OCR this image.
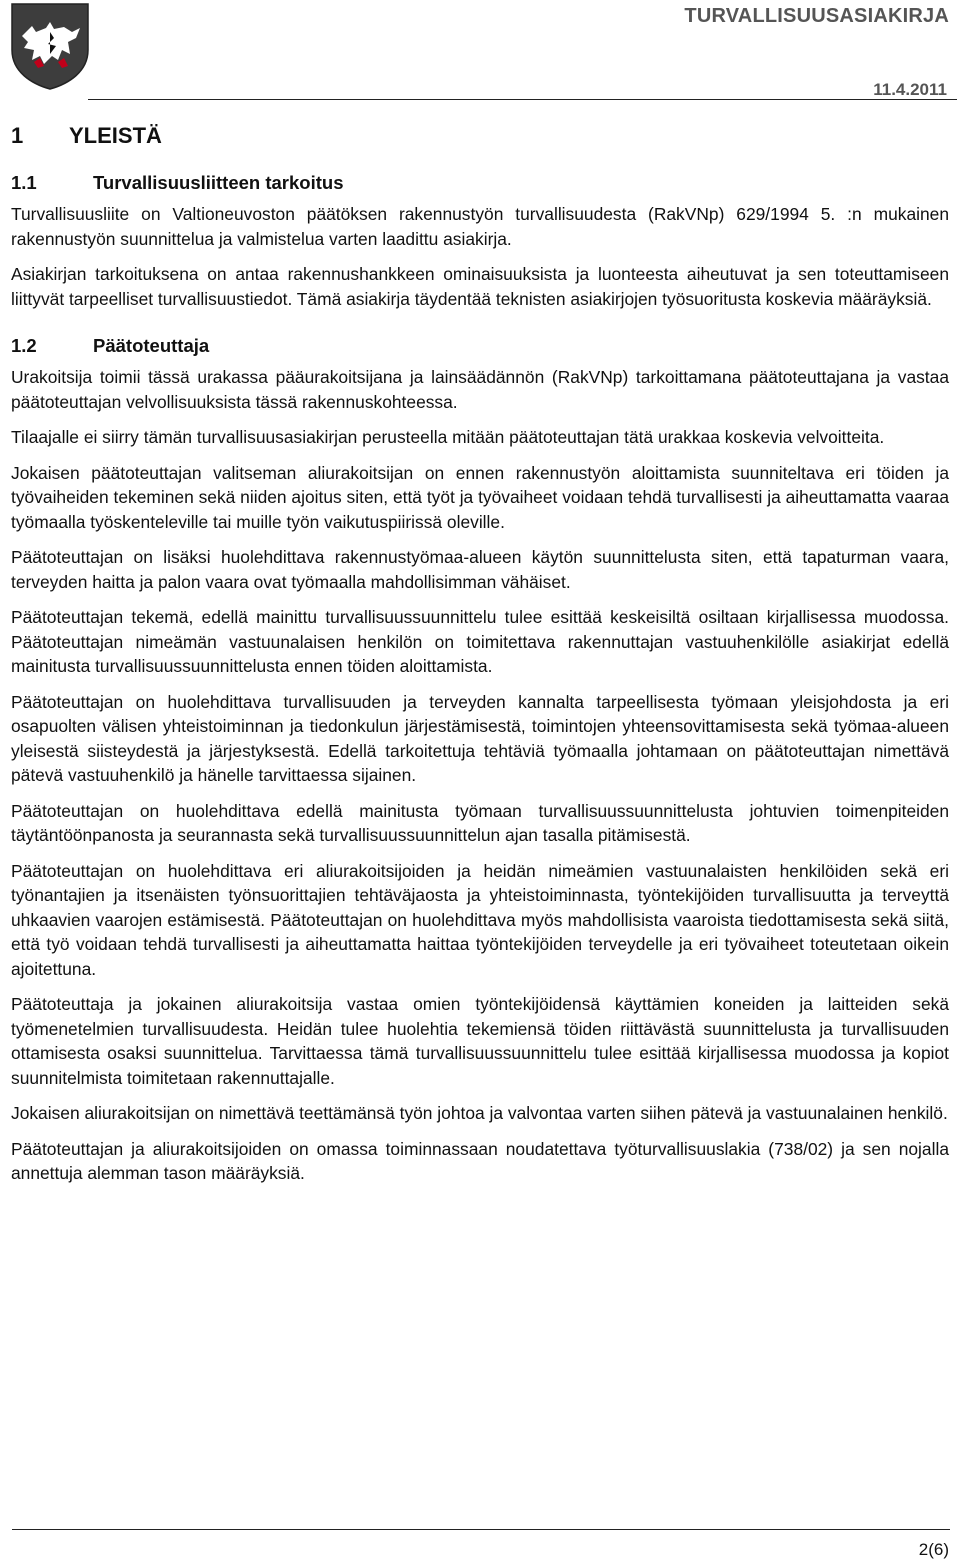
TURVALLISUUSASIAKIRJA
11.4.2011
1 YLEISTÄ
1.1	Turvallisuusliitteen tarkoitus

Turvallisuusliite on Valtioneuvoston päätöksen rakennustyön turvallisuudesta (RakVNp) 629/1994 5. :n mukainen rakennustyön suunnittelua ja valmistelua varten laadittu asiakirja.

Asiakirjan tarkoituksena on antaa rakennushankkeen ominaisuuksista ja luonteesta aiheutuvat ja sen toteuttamiseen liittyvät tarpeelliset turvallisuustiedot. Tämä asiakirja täydentää teknisten asiakirjojen työsuoritusta koskevia määräyksiä.

1.2	Päätoteuttaja

Urakoitsija toimii tässä urakassa pääurakoitsijana ja lainsäädännön (RakVNp) tarkoittamana päätoteuttajana ja vastaa päätoteuttajan velvollisuuksista tässä rakennuskohteessa.

Tilaajalle ei siirry tämän turvallisuusasiakirjan perusteella mitään päätoteuttajan tätä urakkaa koskevia velvoitteita.

Jokaisen päätoteuttajan valitseman aliurakoitsijan on ennen rakennustyön aloittamista suunniteltava eri töiden ja työvaiheiden tekeminen sekä niiden ajoitus siten, että työt ja työvaiheet voidaan tehdä turvallisesti ja aiheuttamatta vaaraa työmaalla työskenteleville tai muille työn vaikutuspiirissä oleville.

Päätoteuttajan on lisäksi huolehdittava rakennustyömaa-alueen käytön suunnittelusta siten, että tapaturman vaara, terveyden haitta ja palon vaara ovat työmaalla mahdollisimman vähäiset.

Päätoteuttajan tekemä, edellä mainittu turvallisuussuunnittelu tulee esittää keskeisiltä osiltaan kirjallisessa muodossa. Päätoteuttajan nimeämän vastuunalaisen henkilön on toimitettava rakennuttajan vastuuhenkilölle asiakirjat edellä mainitusta turvallisuussuunnittelusta ennen töiden aloittamista.

Päätoteuttajan on huolehdittava turvallisuuden ja terveyden kannalta tarpeellisesta työmaan yleisjohdosta ja eri osapuolten välisen yhteistoiminnan ja tiedonkulun järjestämisestä, toimintojen yhteensovittamisesta sekä työmaa-alueen yleisestä siisteydestä ja järjestyksestä. Edellä tarkoitettuja tehtäviä työmaalla johtamaan on päätoteuttajan nimettävä pätevä vastuuhenkilö ja hänelle tarvittaessa sijainen.

Päätoteuttajan on huolehdittava edellä mainitusta työmaan turvallisuussuunnittelusta johtuvien toimenpiteiden täytäntöönpanosta ja seurannasta sekä turvallisuussuunnittelun ajan tasalla pitämisestä.

Päätoteuttajan on huolehdittava eri aliurakoitsijoiden ja heidän nimeämien vastuunalaisten henkilöiden sekä eri työnantajien ja itsenäisten työnsuorittajien tehtäväjaosta ja yhteistoiminnasta, työntekijöiden turvallisuutta ja terveyttä uhkaavien vaarojen estämisestä. Päätoteuttajan on huolehdittava myös mahdollisista vaaroista tiedottamisesta sekä siitä, että työ voidaan tehdä turvallisesti ja aiheuttamatta haittaa työntekijöiden terveydelle ja eri työvaiheet toteutetaan oikein ajoitettuna.

Päätoteuttaja ja jokainen aliurakoitsija vastaa omien työntekijöidensä käyttämien koneiden ja laitteiden sekä työmenetelmien turvallisuudesta. Heidän tulee huolehtia tekemiensä töiden riittävästä suunnittelusta ja turvallisuuden ottamisesta osaksi suunnittelua. Tarvittaessa tämä turvallisuussuunnittelu tulee esittää kirjallisessa muodossa ja kopiot suunnitelmista toimitetaan rakennuttajalle.

Jokaisen aliurakoitsijan on nimettävä teettämänsä työn johtoa ja valvontaa varten siihen pätevä ja vastuunalainen henkilö.

Päätoteuttajan ja aliurakoitsijoiden on omassa toiminnassaan noudatettava työturvallisuuslakia (738/02) ja sen nojalla annettuja alemman tason määräyksiä.

2(6)
